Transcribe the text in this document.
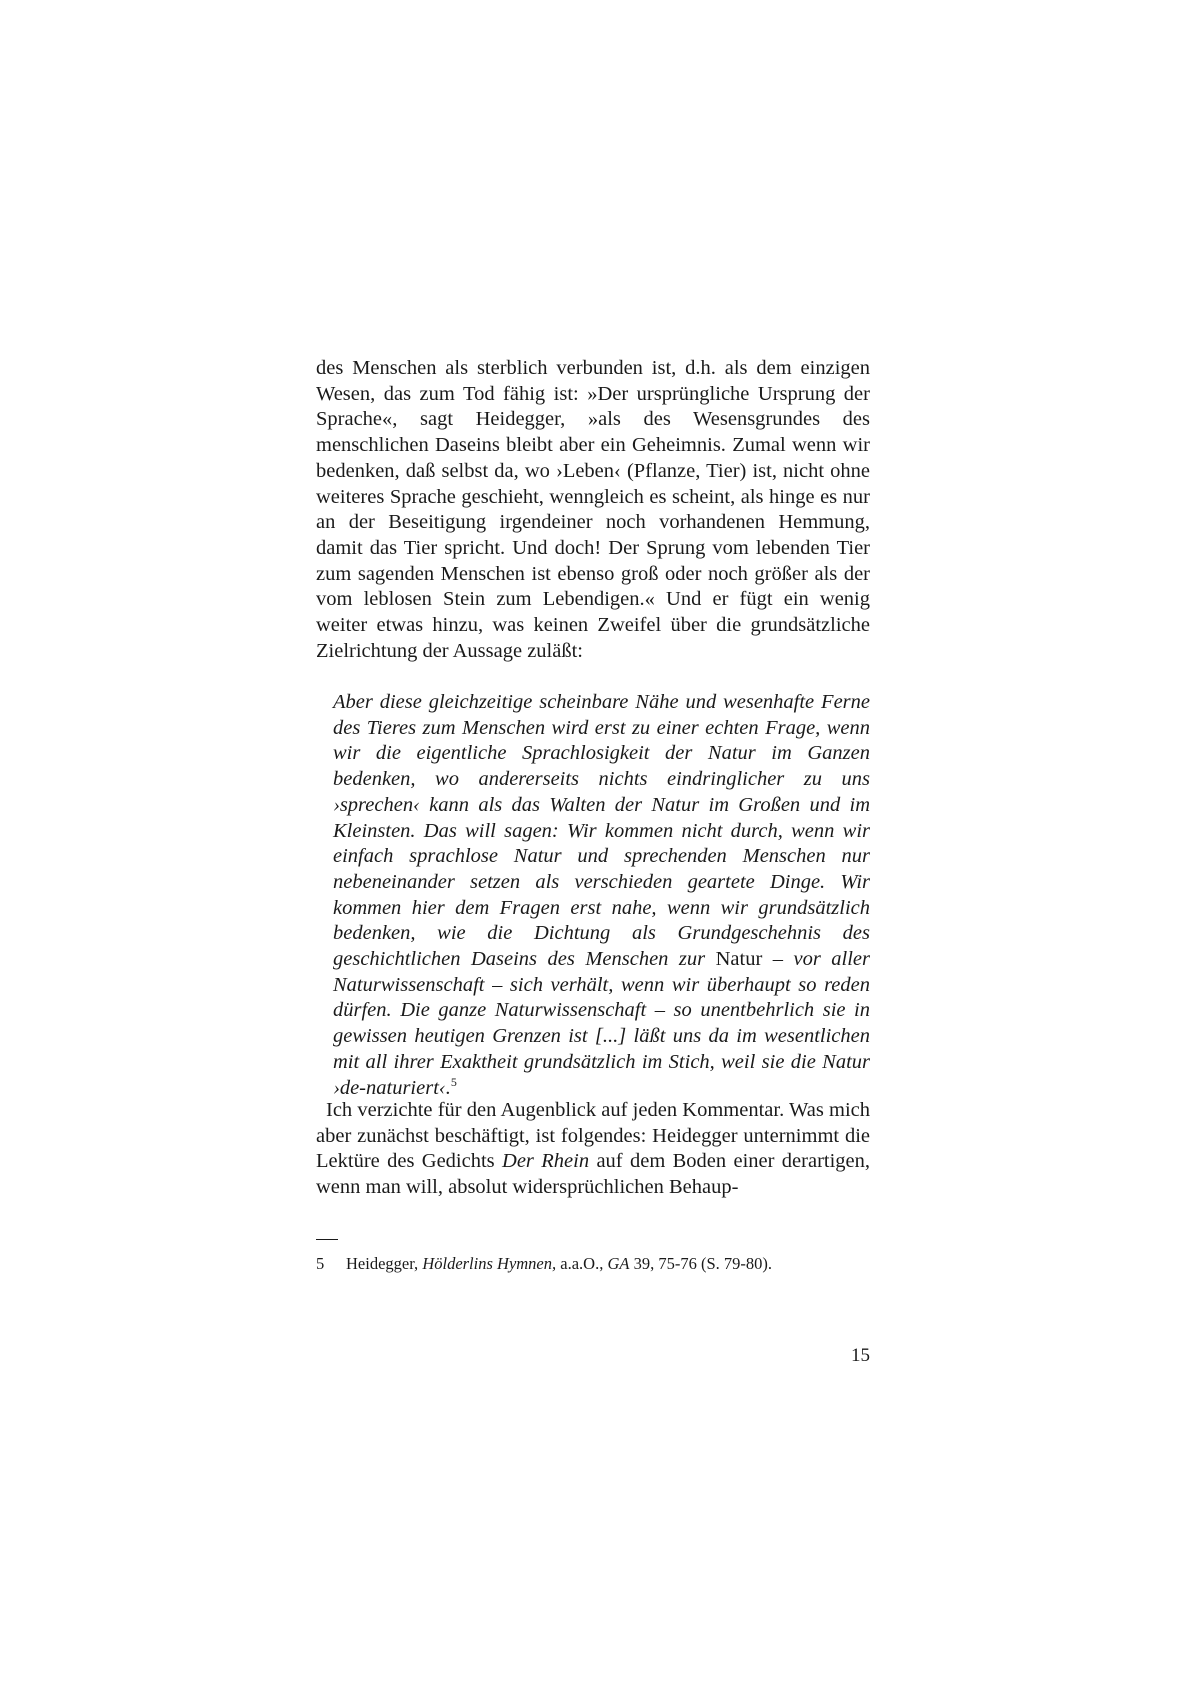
des Menschen als sterblich verbunden ist, d.h. als dem einzigen Wesen, das zum Tod fähig ist: »Der ursprüngliche Ursprung der Sprache«, sagt Heidegger, »als des Wesensgrundes des menschlichen Daseins bleibt aber ein Geheimnis. Zumal wenn wir bedenken, daß selbst da, wo ›Leben‹ (Pflanze, Tier) ist, nicht ohne weiteres Sprache geschieht, wenngleich es scheint, als hinge es nur an der Beseitigung irgendeiner noch vorhandenen Hemmung, damit das Tier spricht. Und doch! Der Sprung vom lebenden Tier zum sagenden Menschen ist ebenso groß oder noch größer als der vom leblosen Stein zum Lebendigen.« Und er fügt ein wenig weiter etwas hinzu, was keinen Zweifel über die grundsätzliche Zielrichtung der Aussage zuläßt:

Aber diese gleichzeitige scheinbare Nähe und wesenhafte Ferne des Tieres zum Menschen wird erst zu einer echten Frage, wenn wir die eigentliche Sprachlosigkeit der Natur im Ganzen bedenken, wo andererseits nichts eindringlicher zu uns ›sprechen‹ kann als das Walten der Natur im Großen und im Kleinsten. Das will sagen: Wir kommen nicht durch, wenn wir einfach sprachlose Natur und sprechenden Menschen nur nebeneinander setzen als verschieden geartete Dinge. Wir kommen hier dem Fragen erst nahe, wenn wir grundsätzlich bedenken, wie die Dichtung als Grundgeschehnis des geschichtlichen Daseins des Menschen zur Natur – vor aller Naturwissenschaft – sich verhält, wenn wir überhaupt so reden dürfen. Die ganze Naturwissenschaft – so unentbehrlich sie in gewissen heutigen Grenzen ist [...] läßt uns da im wesentlichen mit all ihrer Exaktheit grundsätzlich im Stich, weil sie die Natur ›de-naturiert‹.$^5$

Ich verzichte für den Augenblick auf jeden Kommentar. Was mich aber zunächst beschäftigt, ist folgendes: Heidegger unternimmt die Lektüre des Gedichts Der Rhein auf dem Boden einer derartigen, wenn man will, absolut widersprüchlichen Behaup-

5 Heidegger, Hölderlins Hymnen, a.a.O., GA 39, 75-76 (S. 79-80).
15
